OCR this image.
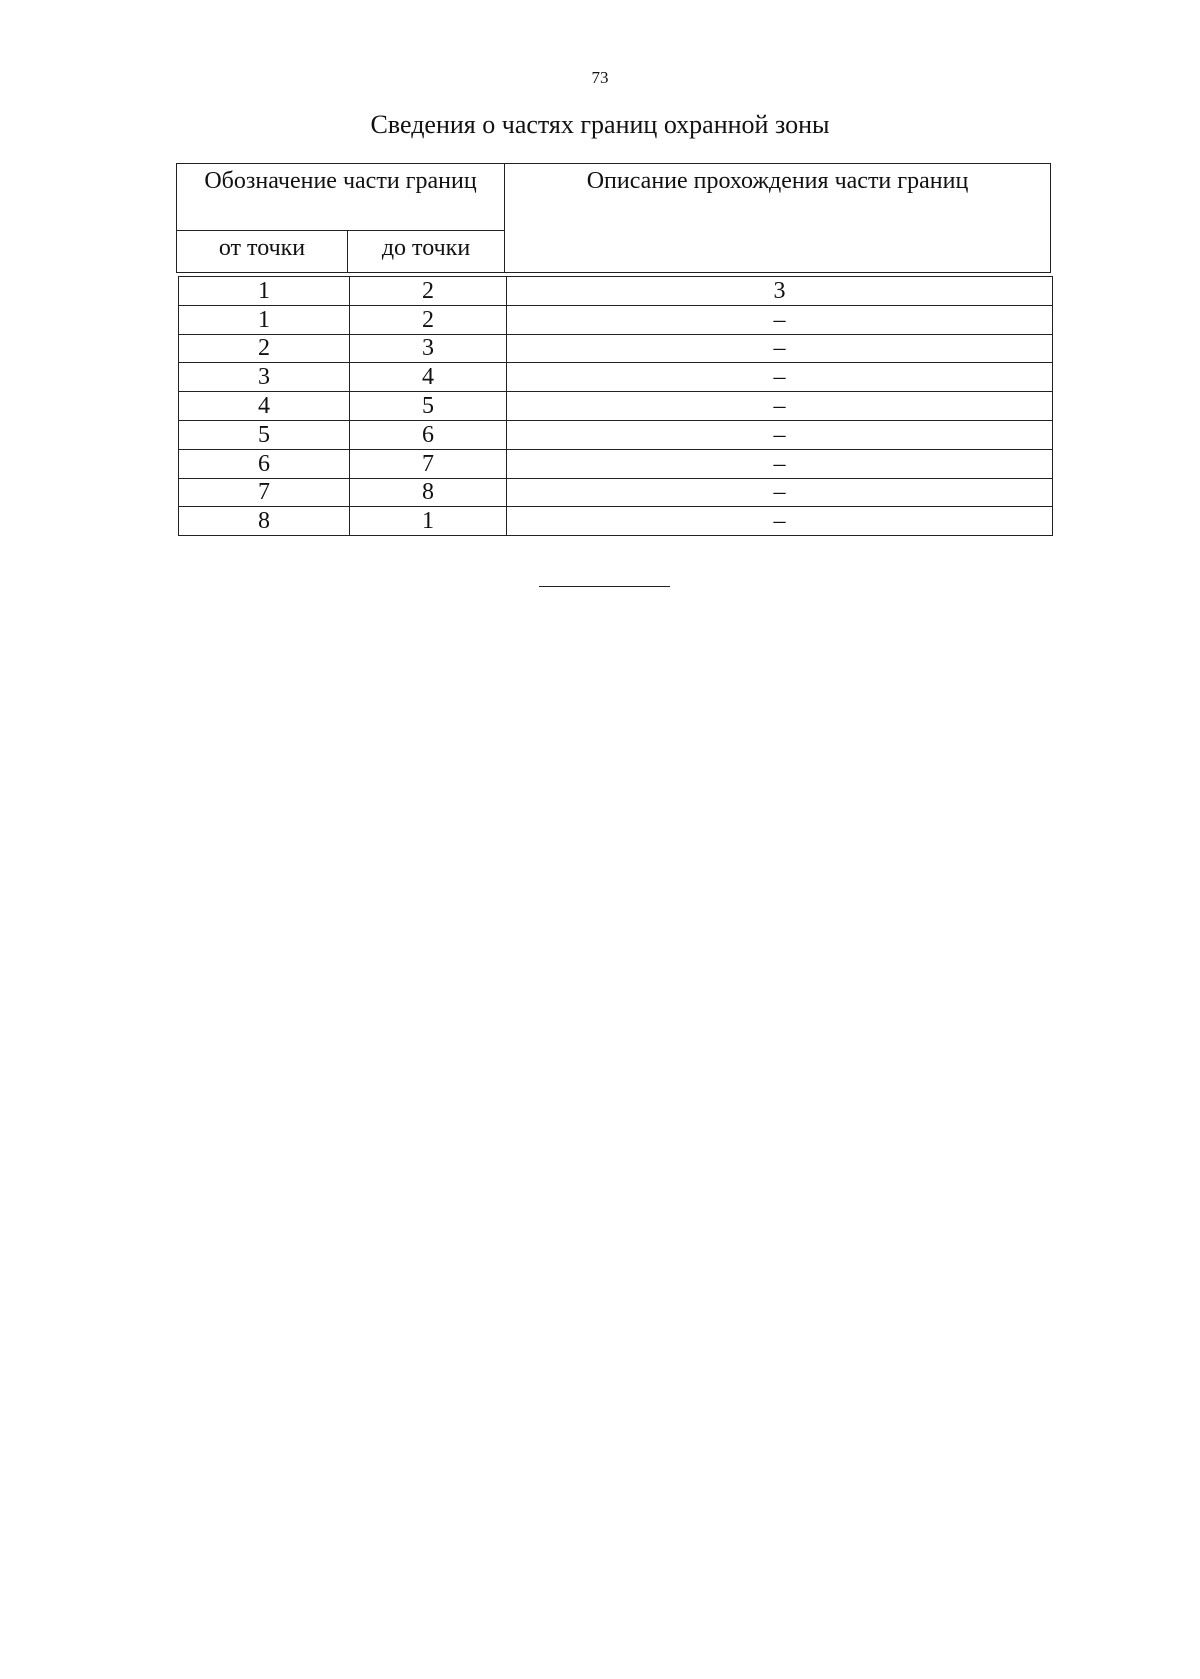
73
Сведения о частях границ охранной зоны
Обозначение части границ		Описание прохождения части границ
от точки	до точки	
1	2	3
1	2	–
2	3	–
3	4	–
4	5	–
5	6	–
6	7	–
7	8	–
8	1	–
